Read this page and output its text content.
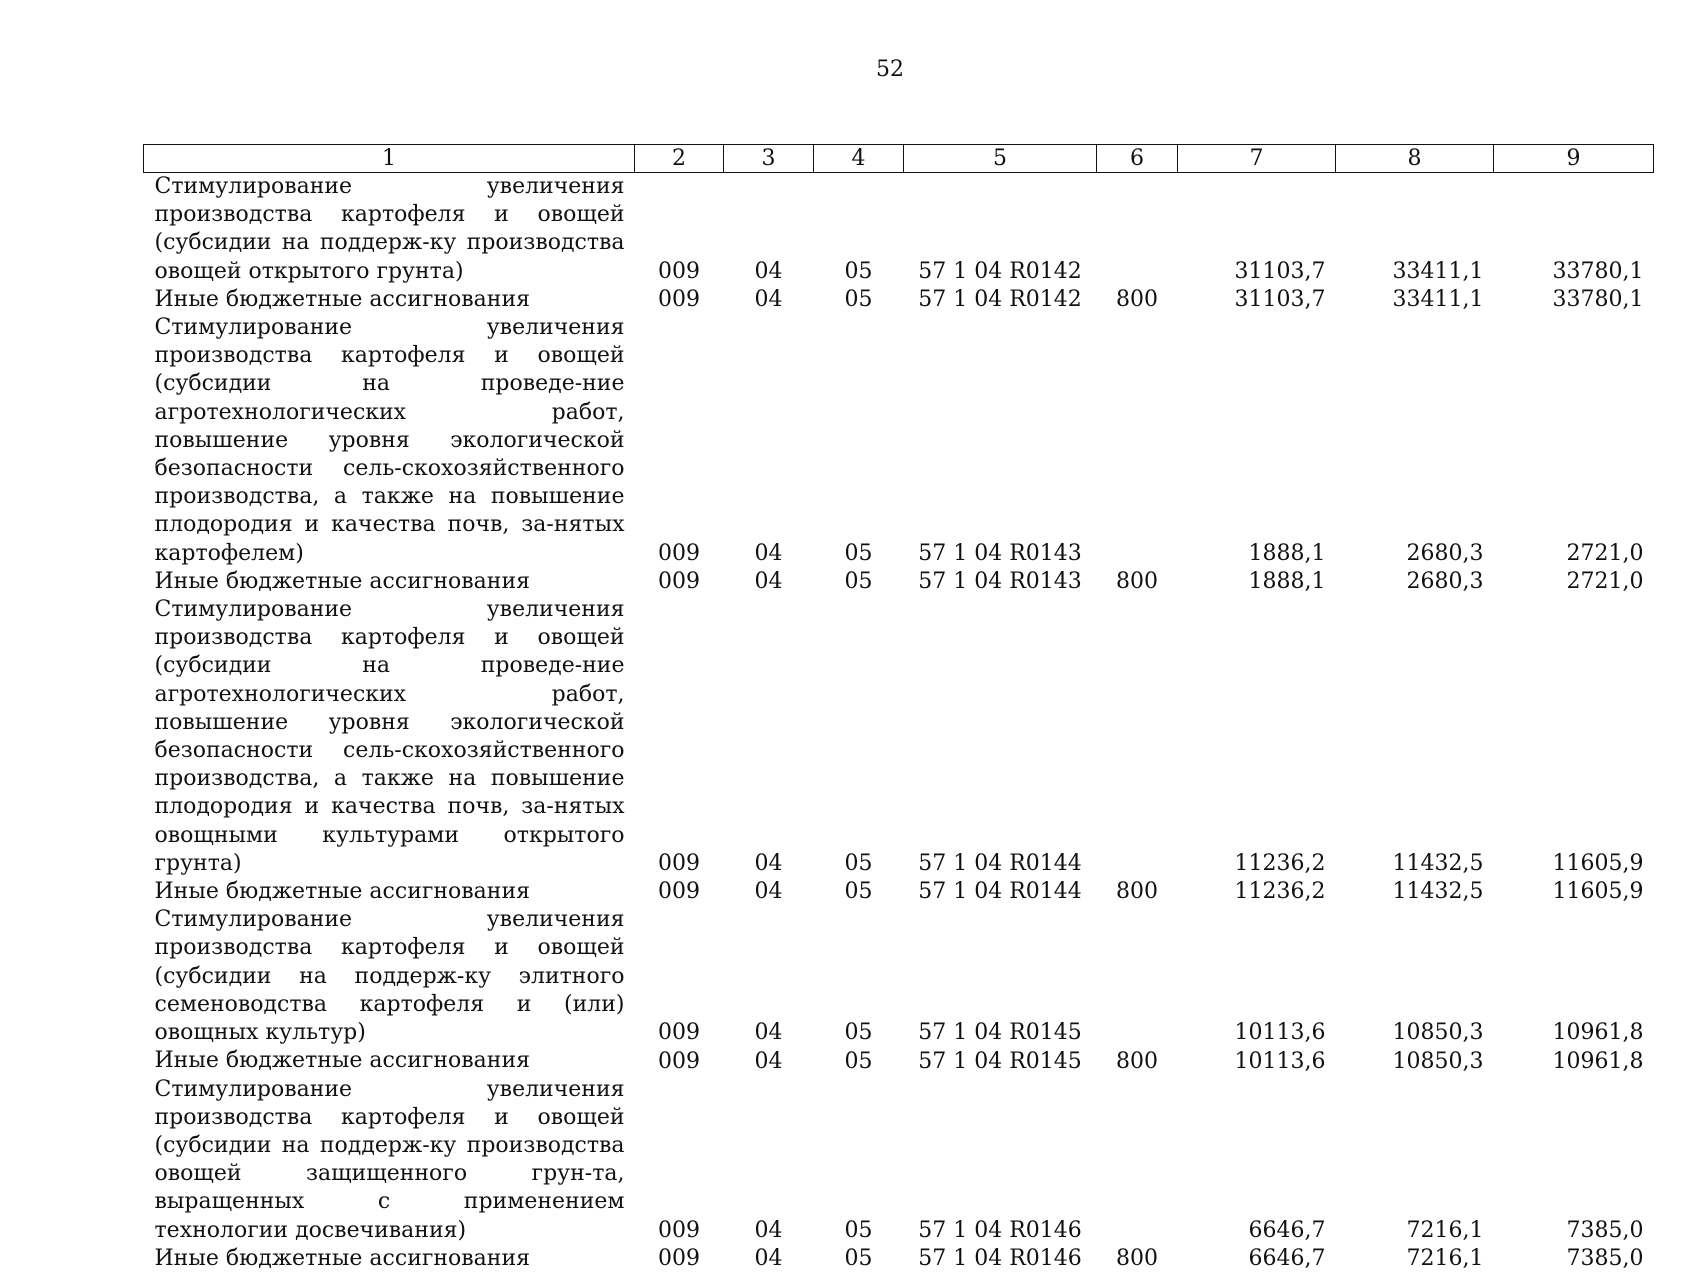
52
1	2	3	4	5	6	7	8	9
Стимулирование увеличения производства картофеля и овощей (субсидии на поддерж-ку производства овощей открытого грунта)	009	04	05	57 1 04 R0142		31103,7	33411,1	33780,1
Иные бюджетные ассигнования	009	04	05	57 1 04 R0142	800	31103,7	33411,1	33780,1
Стимулирование увеличения производства картофеля и овощей (субсидии на проведе-ние агротехнологических работ, повышение уровня экологической безопасности сель-скохозяйственного производства, а также на повышение плодородия и качества почв, за-нятых картофелем)	009	04	05	57 1 04 R0143		1888,1	2680,3	2721,0
Иные бюджетные ассигнования	009	04	05	57 1 04 R0143	800	1888,1	2680,3	2721,0
Стимулирование увеличения производства картофеля и овощей (субсидии на проведе-ние агротехнологических работ, повышение уровня экологической безопасности сель-скохозяйственного производства, а также на повышение плодородия и качества почв, за-нятых овощными культурами открытого грунта)	009	04	05	57 1 04 R0144		11236,2	11432,5	11605,9
Иные бюджетные ассигнования	009	04	05	57 1 04 R0144	800	11236,2	11432,5	11605,9
Стимулирование увеличения производства картофеля и овощей (субсидии на поддерж-ку элитного семеноводства картофеля и (или) овощных культур)	009	04	05	57 1 04 R0145		10113,6	10850,3	10961,8
Иные бюджетные ассигнования	009	04	05	57 1 04 R0145	800	10113,6	10850,3	10961,8
Стимулирование увеличения производства картофеля и овощей (субсидии на поддерж-ку производства овощей защищенного грун-та, выращенных с применением технологии досвечивания)	009	04	05	57 1 04 R0146		6646,7	7216,1	7385,0
Иные бюджетные ассигнования	009	04	05	57 1 04 R0146	800	6646,7	7216,1	7385,0
